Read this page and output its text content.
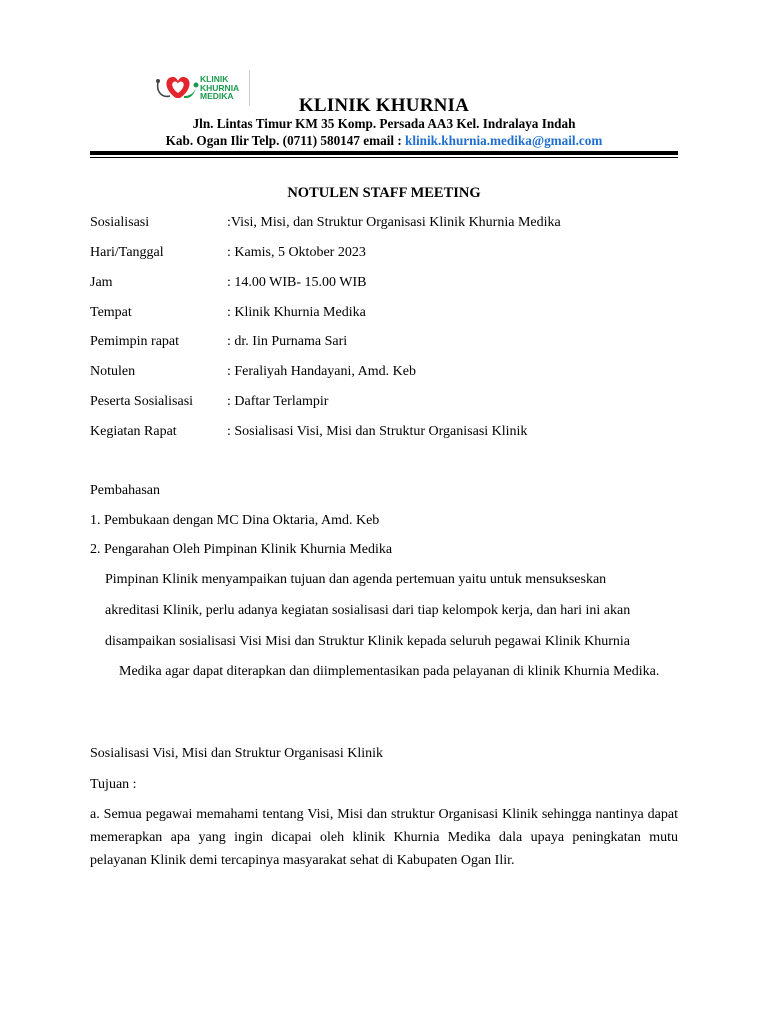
KLINIK
KHURNIA
MEDIKA	KLINIK KHURNIA
Jln. Lintas Timur KM 35 Komp. Persada AA3 Kel. Indralaya Indah
Kab. Ogan Ilir Telp. (0711) 580147 email : klinik.khurnia.medika@gmail.com
NOTULEN STAFF MEETING
Sosialisasi	:Visi, Misi, dan Struktur Organisasi Klinik Khurnia Medika
Hari/Tanggal	: Kamis, 5 Oktober 2023
Jam	: 14.00 WIB- 15.00 WIB
Tempat	: Klinik Khurnia Medika
Pemimpin rapat	: dr. Iin Purnama Sari
Notulen	: Feraliyah Handayani, Amd. Keb
Peserta Sosialisasi : Daftar Terlampir
Kegiatan Rapat	: Sosialisasi Visi, Misi dan Struktur Organisasi Klinik
Pembahasan
1. Pembukaan dengan MC Dina Oktaria, Amd. Keb
2. Pengarahan Oleh Pimpinan Klinik Khurnia Medika
Pimpinan Klinik menyampaikan tujuan dan agenda pertemuan yaitu untuk mensukseskan
akreditasi Klinik, perlu adanya kegiatan sosialisasi dari tiap kelompok kerja, dan hari ini akan
disampaikan sosialisasi Visi Misi dan Struktur Klinik kepada seluruh pegawai Klinik Khurnia
Medika agar dapat diterapkan dan diimplementasikan pada pelayanan di klinik Khurnia Medika.
Sosialisasi Visi, Misi dan Struktur Organisasi Klinik
Tujuan :
a. Semua pegawai memahami tentang Visi, Misi dan struktur Organisasi Klinik sehingga nantinya dapat memerapkan apa yang ingin dicapai oleh klinik Khurnia Medika dala upaya peningkatan mutu pelayanan Klinik demi tercapinya masyarakat sehat di Kabupaten Ogan Ilir.
